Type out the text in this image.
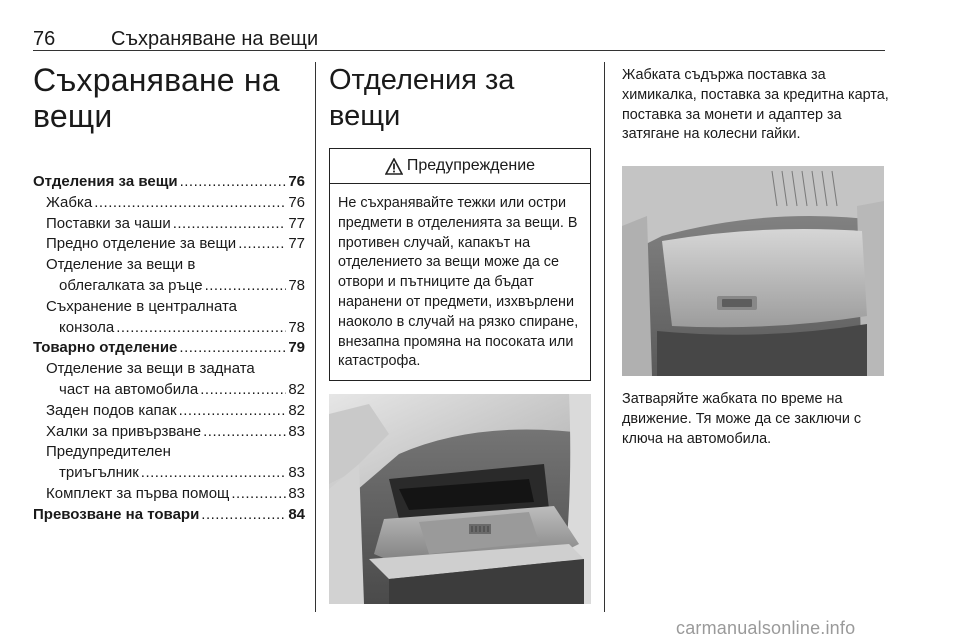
76	Съхраняване на вещи
Съхраняване на вещи
Отделения за вещи .....	76
Жабка .....	76
Поставки за чаши .....	77
Предно отделение за вещи .....	77
Отделение за вещи в
облегалката за ръце .....	78
Съхранение в централната
конзола .....	78
Товарно отделение .....	79
Отделение за вещи в задната
част на автомобила .....	82
Заден подов капак .....	82
Халки за привързване .....	83
Предупредителен
триъгълник .....	83
Комплект за първа помощ .....	83
Превозване на товари .....	84
Отделения за вещи
Предупреждение
Не съхранявайте тежки или остри предмети в отделенията за вещи. В противен случай, капакът на отделението за вещи може да се отвори и пътниците да бъдат наранени от предмети, изхвърлени наоколо в случай на рязко спиране, внезапна промяна на посоката или катастрофа.

Жабката съдържа поставка за химикалка, поставка за кредитна карта, поставка за монети и адаптер за затягане на колесни гайки.

Затваряйте жабката по време на движение. Тя може да се заключи с ключа на автомобила.

carmanualsonline.info
